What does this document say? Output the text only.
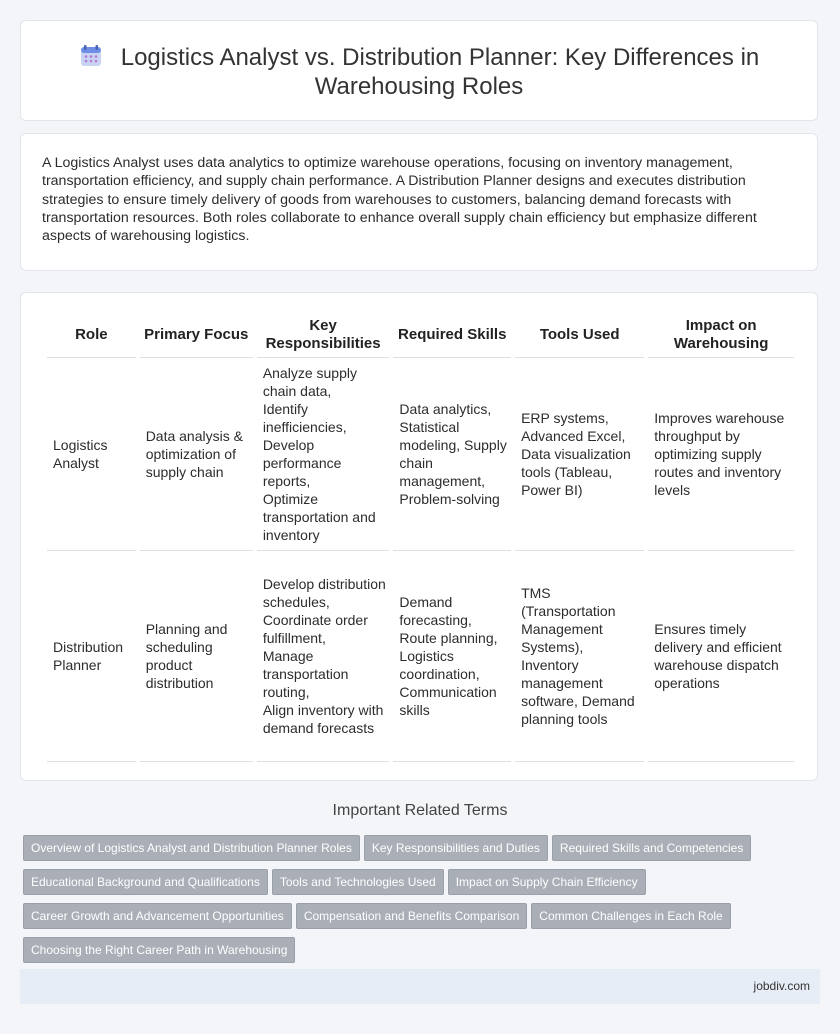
Logistics Analyst vs. Distribution Planner: Key Differences in Warehousing Roles

A Logistics Analyst uses data analytics to optimize warehouse operations, focusing on inventory management, transportation efficiency, and supply chain performance. A Distribution Planner designs and executes distribution strategies to ensure timely delivery of goods from warehouses to customers, balancing demand forecasts with transportation resources. Both roles collaborate to enhance overall supply chain efficiency but emphasize different aspects of warehousing logistics.

Role	Primary Focus	Key Responsibilities	Required Skills	Tools Used	Impact on Warehousing
Logistics Analyst	Data analysis & optimization of supply chain	Analyze supply chain data,
Identify inefficiencies,
Develop performance reports,
Optimize transportation and inventory	Data analytics, Statistical modeling, Supply chain management, Problem-solving	ERP systems, Advanced Excel, Data visualization tools (Tableau, Power BI)	Improves warehouse throughput by optimizing supply routes and inventory levels
Distribution Planner	Planning and scheduling product distribution	Develop distribution schedules,
Coordinate order fulfillment,
Manage transportation routing,
Align inventory with demand forecasts	Demand forecasting, Route planning, Logistics coordination, Communication skills	TMS (Transportation Management Systems), Inventory management software, Demand planning tools	Ensures timely delivery and efficient warehouse dispatch operations
Important Related Terms
Overview of Logistics Analyst and Distribution Planner Roles Key Responsibilities and Duties Required Skills and CompetenciesEducational Background and Qualifications Tools and Technologies Used Impact on Supply Chain EfficiencyCareer Growth and Advancement Opportunities Compensation and Benefits Comparison Common Challenges in Each RoleChoosing the Right Career Path in Warehousing
jobdiv.com
